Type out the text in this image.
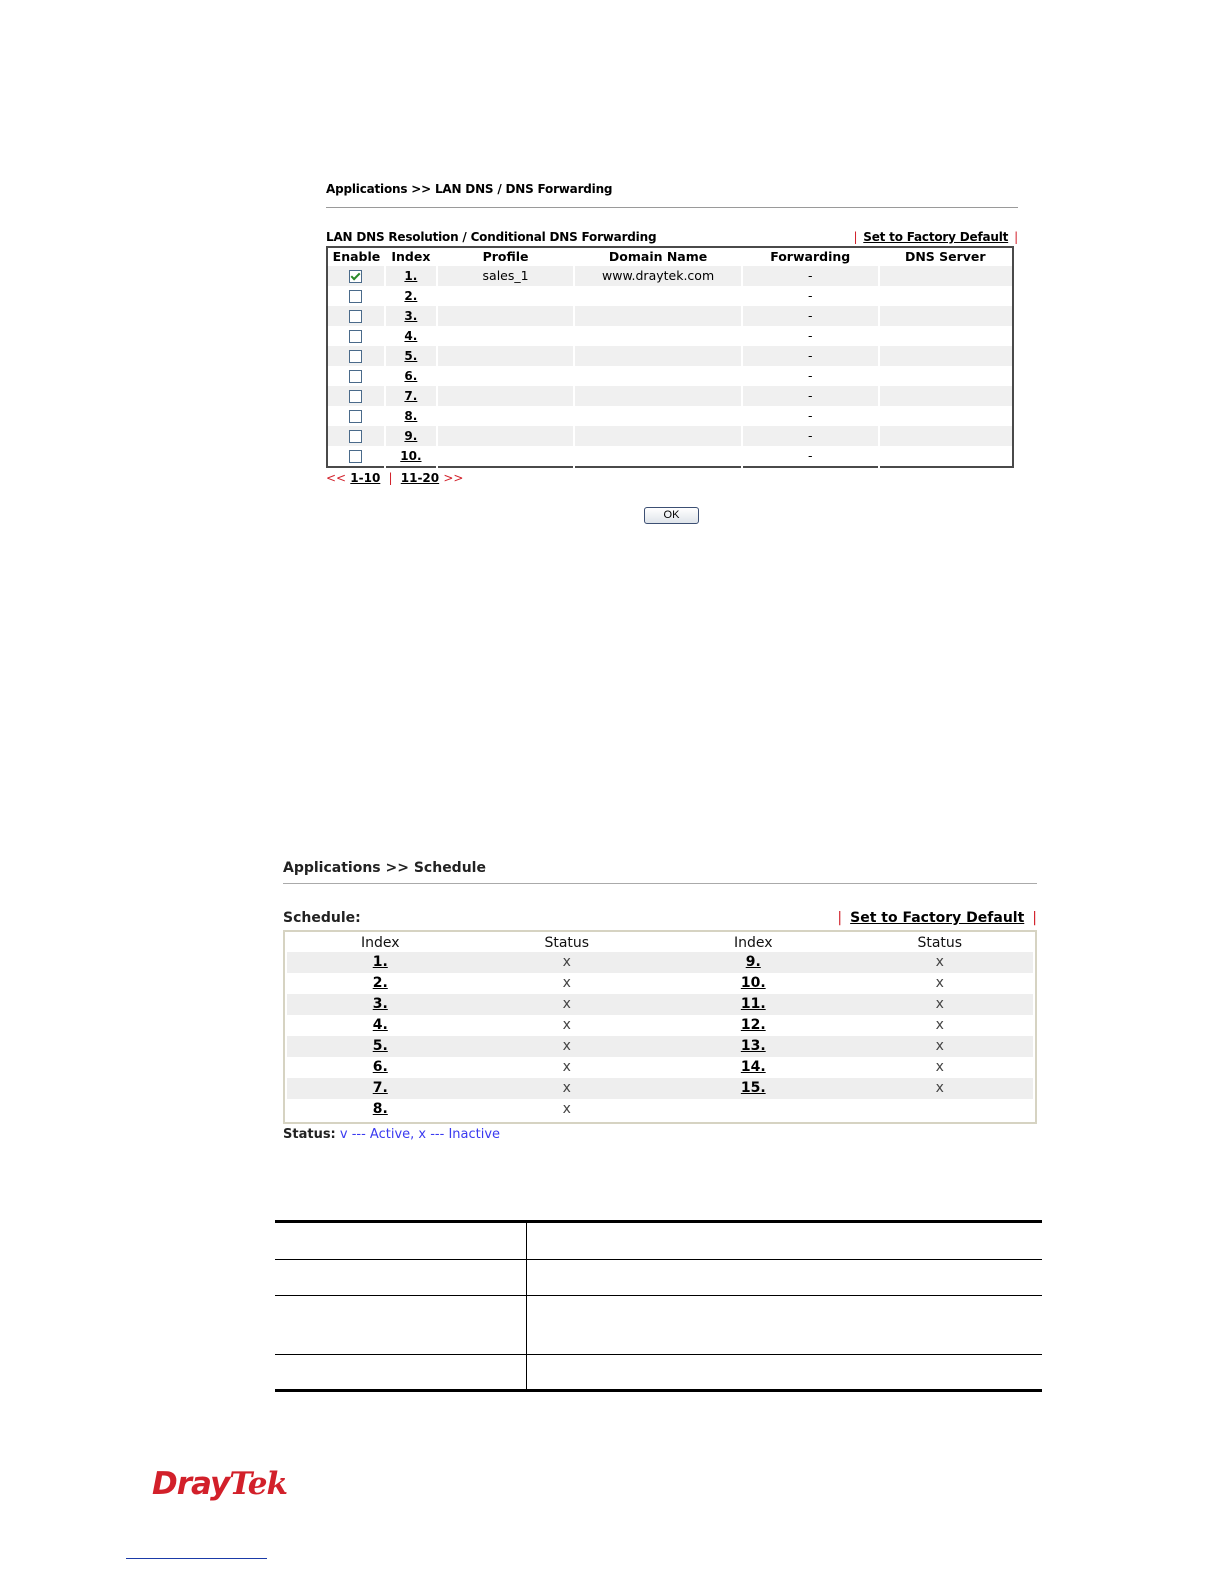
Applications >> LAN DNS / DNS Forwarding
LAN DNS Resolution / Conditional DNS Forwarding	| Set to Factory Default |
Enable	Index	Profile	Domain Name	Forwarding	DNS Server
	1.	sales_1	www.draytek.com	-	
	2.			-	
	3.			-	
	4.			-	
	5.			-	
	6.			-	
	7.			-	
	8.			-	
	9.			-	
	10.			-	
<< 1-10 | 11-20 >>
OK
Applications >> Schedule
Schedule:	| Set to Factory Default |
Index	Status	Index	Status
1.	x	9.	x
2.	x	10.	x
3.	x	11.	x
4.	x	12.	x
5.	x	13.	x
6.	x	14.	x
7.	x	15.	x
8.	x		
Status: v --- Active, x --- Inactive

DrayTek
